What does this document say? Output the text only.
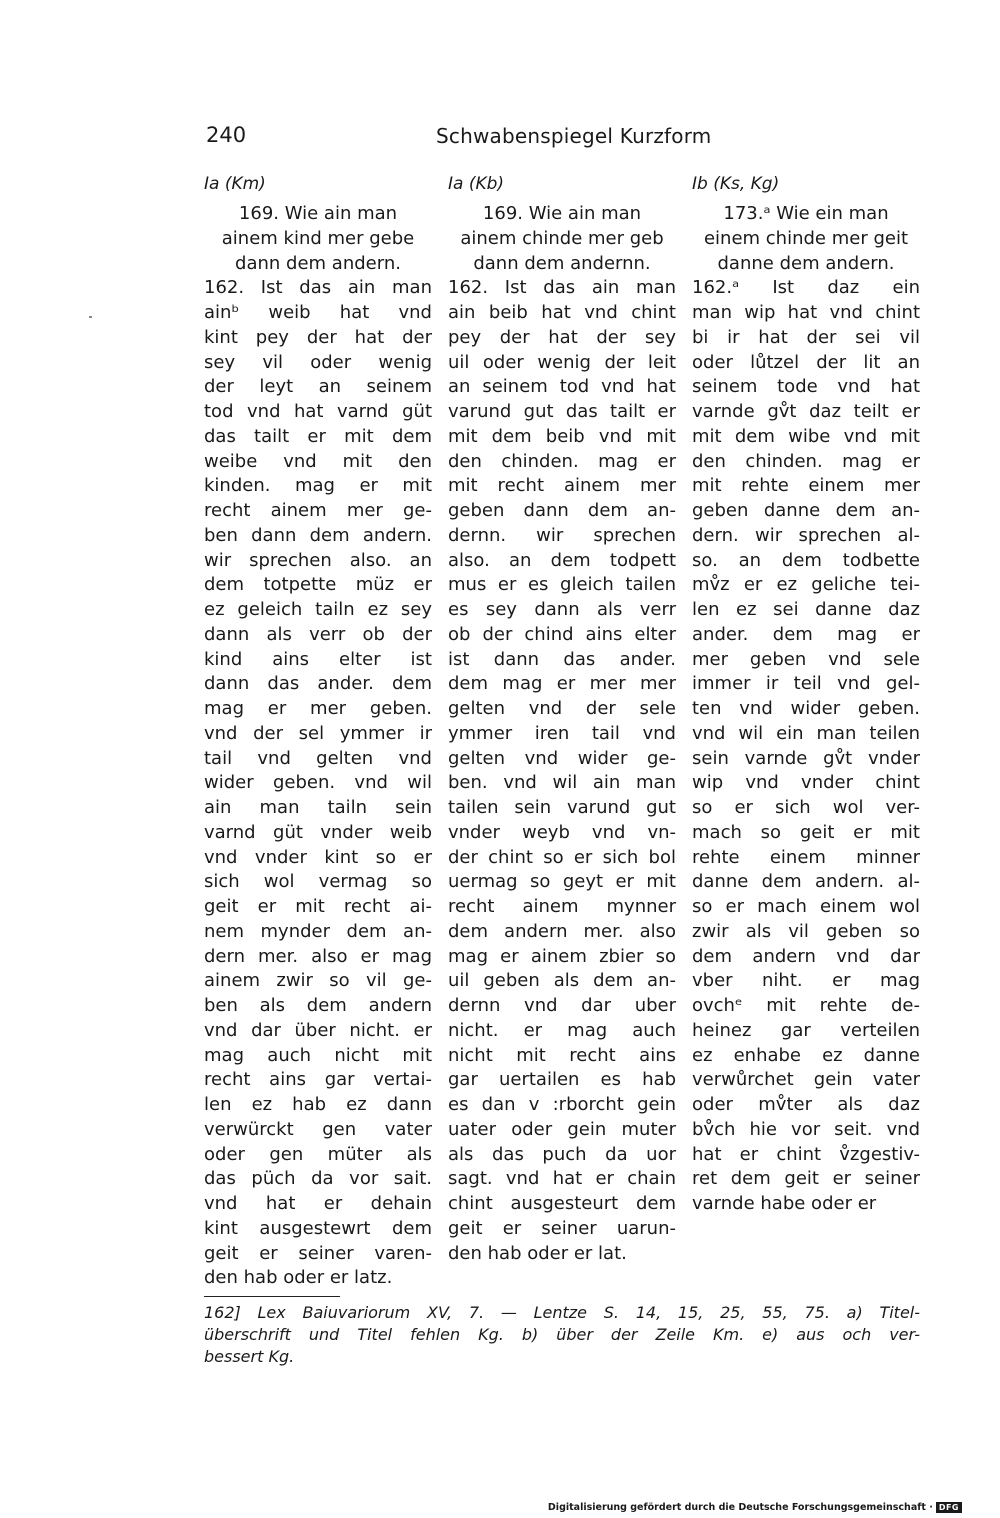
240	Schwabenspiegel Kurzform
Ia (Km)
169. Wie ain man
ainem kind mer gebe
dann dem andern.
162. Ist das ain man
ainᵇ weib hat vnd
kint pey der hat der
sey vil oder wenig
der leyt an seinem
tod vnd hat varnd güt
das tailt er mit dem
weibe vnd mit den
kinden. mag er mit
recht ainem mer ge-
ben dann dem andern.
wir sprechen also. an
dem totpette müz er
ez geleich tailn ez sey
dann als verr ob der
kind ains elter ist
dann das ander. dem
mag er mer geben.
vnd der sel ymmer ir
tail vnd gelten vnd
wider geben. vnd wil
ain man tailn sein
varnd güt vnder weib
vnd vnder kint so er
sich wol vermag so
geit er mit recht ai-
nem mynder dem an-
dern mer. also er mag
ainem zwir so vil ge-
ben als dem andern
vnd dar über nicht. er
mag auch nicht mit
recht ains gar vertai-
len ez hab ez dann
verwürckt gen vater
oder gen müter als
das püch da vor sait.
vnd hat er dehain
kint ausgestewrt dem
geit er seiner varen-
den hab oder er latz.
Ia (Kb)
169. Wie ain man
ainem chinde mer geb
dann dem andernn.
162. Ist das ain man
ain beib hat vnd chint
pey der hat der sey
uil oder wenig der leit
an seinem tod vnd hat
varund gut das tailt er
mit dem beib vnd mit
den chinden. mag er
mit recht ainem mer
geben dann dem an-
dernn. wir sprechen
also. an dem todpett
mus er es gleich tailen
es sey dann als verr
ob der chind ains elter
ist dann das ander.
dem mag er mer mer
gelten vnd der sele
ymmer iren tail vnd
gelten vnd wider ge-
ben. vnd wil ain man
tailen sein varund gut
vnder weyb vnd vn-
der chint so er sich bol
uermag so geyt er mit
recht ainem mynner
dem andern mer. also
mag er ainem zbier so
uil geben als dem an-
dernn vnd dar uber
nicht. er mag auch
nicht mit recht ains
gar uertailen es hab
es dan v :rborcht gein
uater oder gein muter
als das puch da uor
sagt. vnd hat er chain
chint ausgesteurt dem
geit er seiner uarun-
den hab oder er lat.
Ib (Ks, Kg)
173.ᵃ Wie ein man
einem chinde mer geit
danne dem andern.
162.ᵃ Ist daz ein
man wip hat vnd chint
bi ir hat der sei vil
oder lůtzel der lit an
seinem tode vnd hat
varnde gv̊t daz teilt er
mit dem wibe vnd mit
den chinden. mag er
mit rehte einem mer
geben danne dem an-
dern. wir sprechen al-
so. an dem todbette
mv̊z er ez geliche tei-
len ez sei danne daz
ander. dem mag er
mer geben vnd sele
immer ir teil vnd gel-
ten vnd wider geben.
vnd wil ein man teilen
sein varnde gv̊t vnder
wip vnd vnder chint
so er sich wol ver-
mach so geit er mit
rehte einem minner
danne dem andern. al-
so er mach einem wol
zwir als vil geben so
dem andern vnd dar
vber niht. er mag
ovchᵉ mit rehte de-
heinez gar verteilen
ez enhabe ez danne
verwůrchet gein vater
oder mv̊ter als daz
bv̊ch hie vor seit. vnd
hat er chint v̊zgestiv-
ret dem geit er seiner
varnde habe oder er
162] Lex Baiuvariorum XV, 7. — Lentze S. 14, 15, 25, 55, 75. a) Titel-
überschrift und Titel fehlen Kg. b) über der Zeile Km. e) aus och ver-
bessert Kg.
Digitalisierung gefördert durch die Deutsche Forschungsgemeinschaft · DFG
